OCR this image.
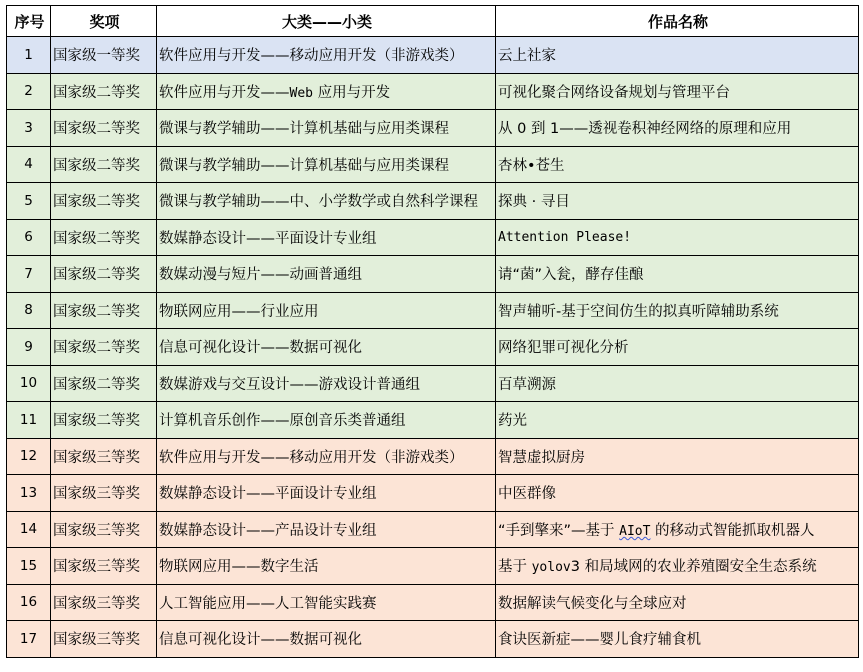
序号	奖项	大类——小类	作品名称
1	国家级一等奖	软件应用与开发——移动应用开发（非游戏类）	云上社家
2	国家级二等奖	软件应用与开发——Web 应用与开发	可视化聚合网络设备规划与管理平台
3	国家级二等奖	微课与教学辅助——计算机基础与应用类课程	从 0 到 1——透视卷积神经网络的原理和应用
4	国家级二等奖	微课与教学辅助——计算机基础与应用类课程	杏林•苍生
5	国家级二等奖	微课与教学辅助——中、小学数学或自然科学课程	探典 · 寻目
6	国家级二等奖	数媒静态设计——平面设计专业组	Attention Please!
7	国家级二等奖	数媒动漫与短片——动画普通组	请“菌”入瓮，酵存佳酿
8	国家级二等奖	物联网应用——行业应用	智声辅听-基于空间仿生的拟真听障辅助系统
9	国家级二等奖	信息可视化设计——数据可视化	网络犯罪可视化分析
10	国家级二等奖	数媒游戏与交互设计——游戏设计普通组	百草溯源
11	国家级二等奖	计算机音乐创作——原创音乐类普通组	药光
12	国家级三等奖	软件应用与开发——移动应用开发（非游戏类）	智慧虚拟厨房
13	国家级三等奖	数媒静态设计——平面设计专业组	中医群像
14	国家级三等奖	数媒静态设计——产品设计专业组	“手到擎来”—基于 AIoT 的移动式智能抓取机器人
15	国家级三等奖	物联网应用——数字生活	基于 yolov3 和局域网的农业养殖圈安全生态系统
16	国家级三等奖	人工智能应用——人工智能实践赛	数据解读气候变化与全球应对
17	国家级三等奖	信息可视化设计——数据可视化	食诀医新症——婴儿食疗辅食机
